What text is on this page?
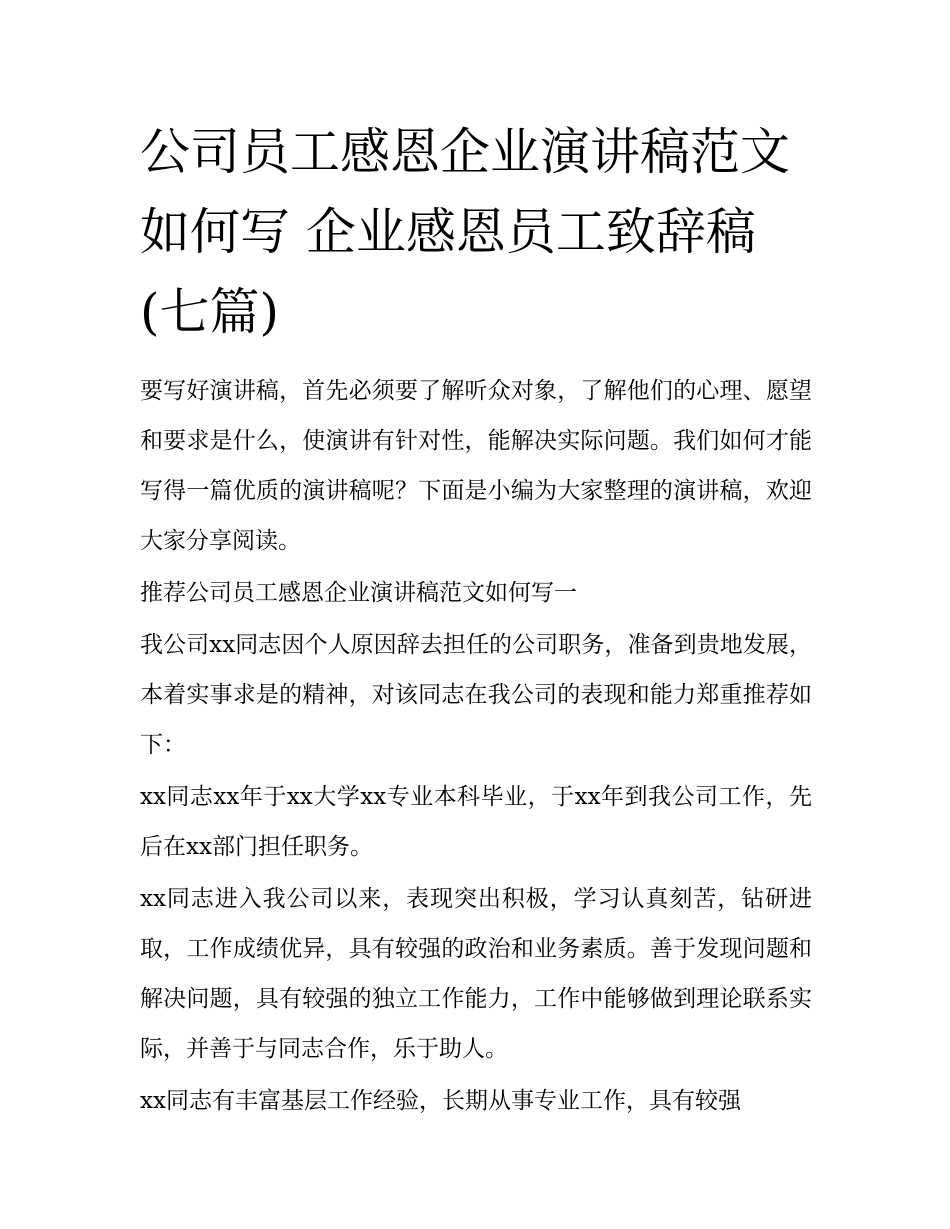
公司员工感恩企业演讲稿范文如何写 企业感恩员工致辞稿(七篇)

要写好演讲稿，首先必须要了解听众对象，了解他们的心理、愿望和要求是什么，使演讲有针对性，能解决实际问题。我们如何才能写得一篇优质的演讲稿呢？下面是小编为大家整理的演讲稿，欢迎大家分享阅读。

推荐公司员工感恩企业演讲稿范文如何写一

我公司xx同志因个人原因辞去担任的公司职务，准备到贵地发展，本着实事求是的精神，对该同志在我公司的表现和能力郑重推荐如下：

xx同志xx年于xx大学xx专业本科毕业，于xx年到我公司工作，先后在xx部门担任职务。

xx同志进入我公司以来，表现突出积极，学习认真刻苦，钻研进取，工作成绩优异，具有较强的政治和业务素质。善于发现问题和解决问题，具有较强的独立工作能力，工作中能够做到理论联系实际，并善于与同志合作，乐于助人。

xx同志有丰富基层工作经验，长期从事专业工作，具有较强
